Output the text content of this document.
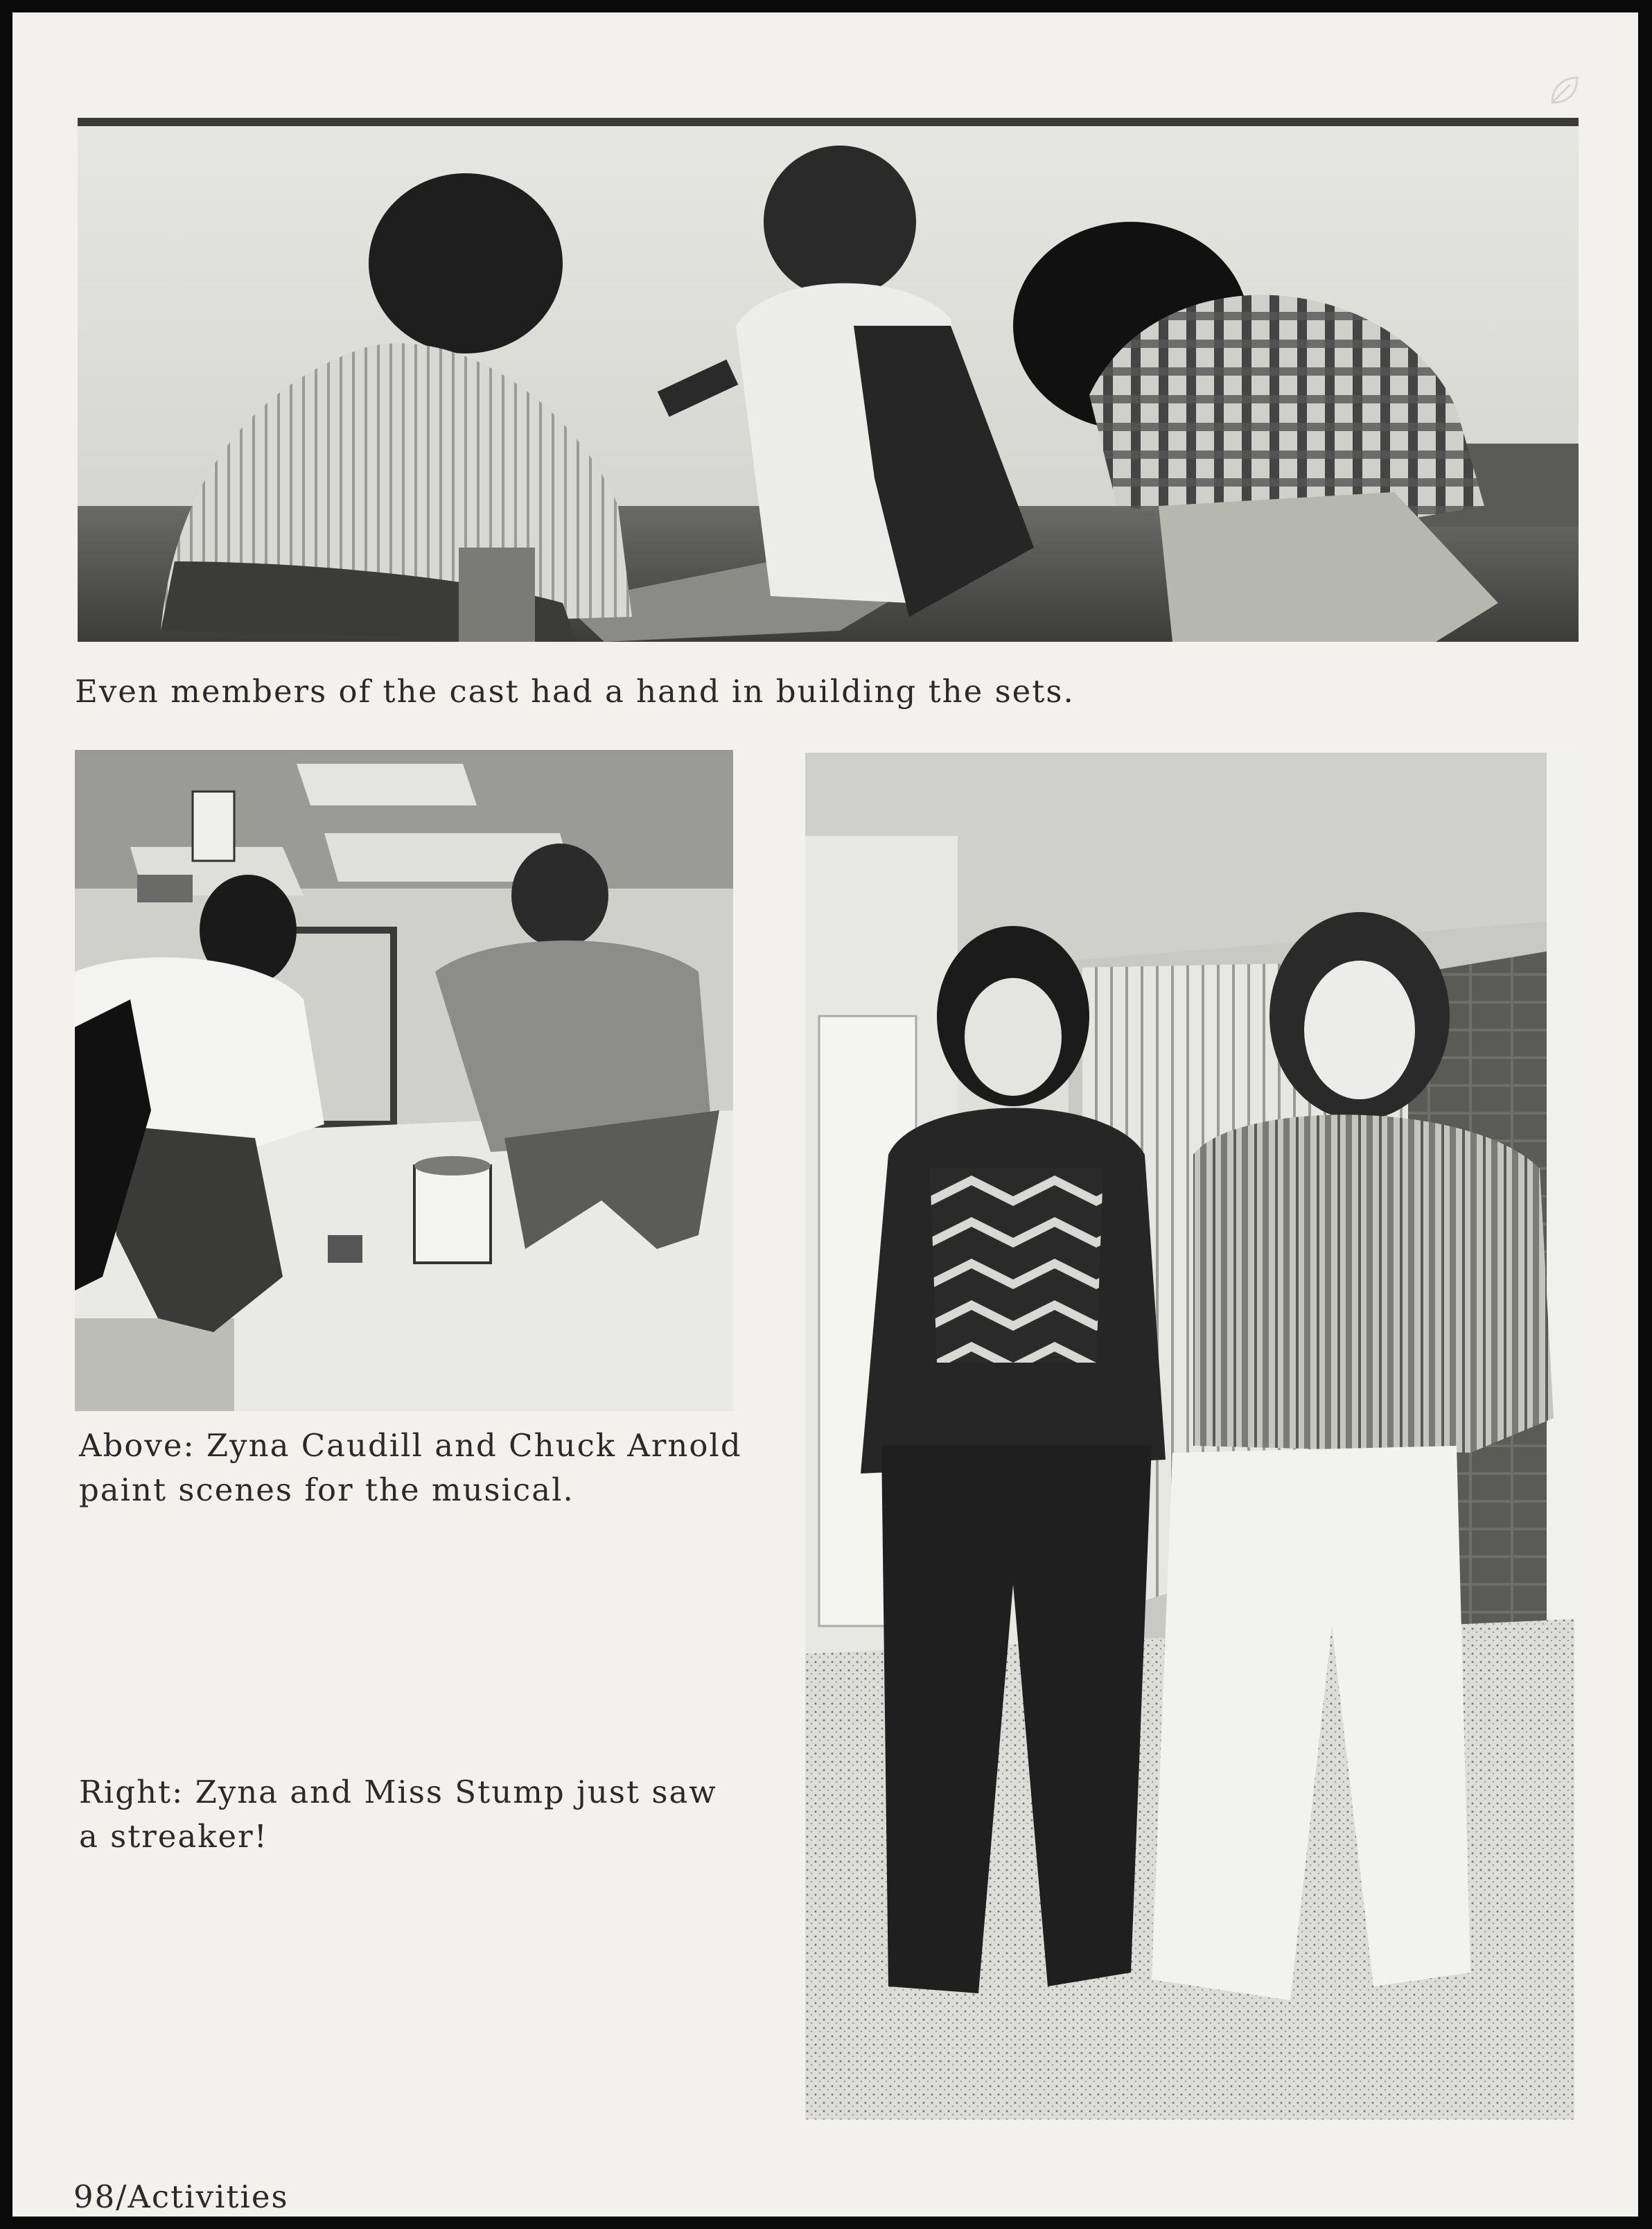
Even members of the cast had a hand in building the sets.

Above: Zyna Caudill and Chuck Arnold
paint scenes for the musical.

Right: Zyna and Miss Stump just saw
a streaker!

98/Activities
